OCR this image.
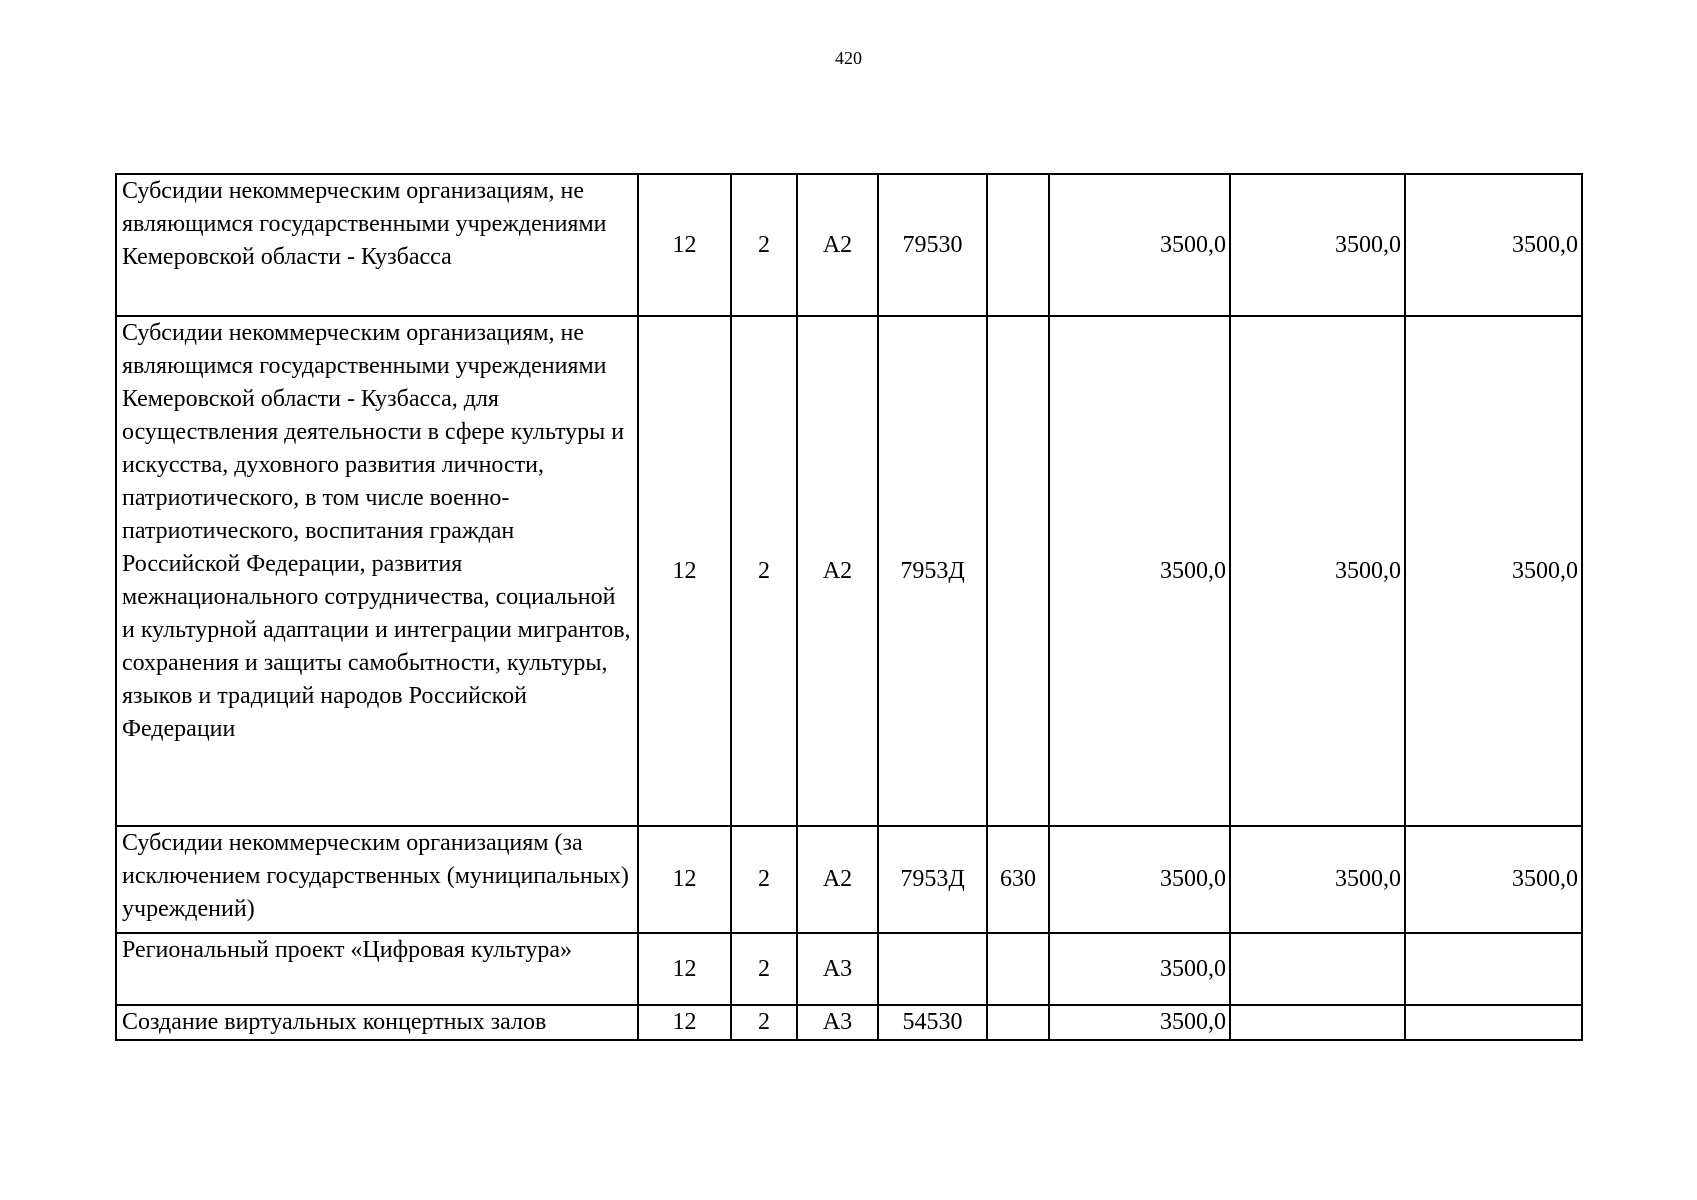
420
Субсидии некоммерческим организациям, не являющимся государственными учреждениями Кемеровской области - Кузбасса	12	2	А2	79530		3500,0	3500,0	3500,0
Субсидии некоммерческим организациям, не являющимся государственными учреждениями Кемеровской области - Кузбасса, для осуществления деятельности в сфере культуры и искусства, духовного развития личности, патриотического, в том числе военно-патриотического, воспитания граждан Российской Федерации, развития межнационального сотрудничества, социальной и культурной адаптации и интеграции мигрантов, сохранения и защиты самобытности, культуры, языков и традиций народов Российской Федерации	12	2	А2	7953Д		3500,0	3500,0	3500,0
Субсидии некоммерческим организациям (за исключением государственных (муниципальных) учреждений)	12	2	А2	7953Д	630	3500,0	3500,0	3500,0
Региональный проект «Цифровая культура»	12	2	А3			3500,0		
Создание виртуальных концертных залов	12	2	А3	54530		3500,0		
